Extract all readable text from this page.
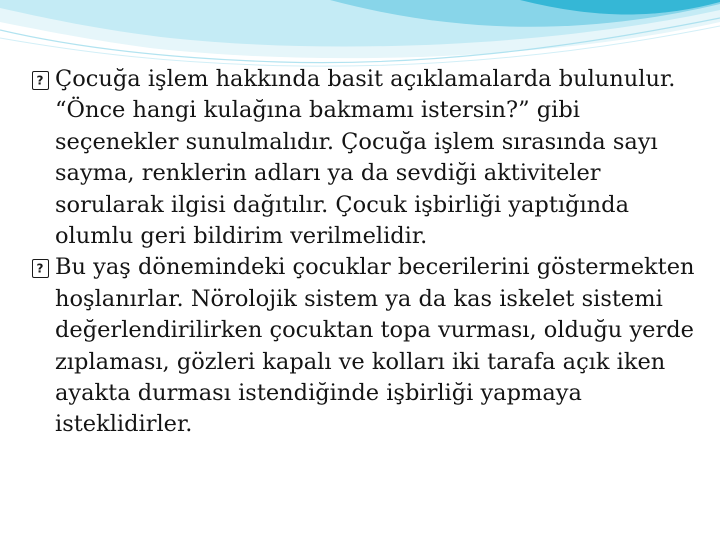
? Çocuğa işlem hakkında basit açıklamalarda bulunulur. “Önce hangi kulağına bakmamı istersin?” gibi seçenekler sunulmalıdır. Çocuğa işlem sırasında sayı sayma, renklerin adları ya da sevdiği aktiviteler sorularak ilgisi dağıtılır. Çocuk işbirliği yaptığında olumlu geri bildirim verilmelidir.

? Bu yaş dönemindeki çocuklar becerilerini göstermekten hoşlanırlar. Nörolojik sistem ya da kas iskelet sistemi değerlendirilirken çocuktan topa vurması, olduğu yerde zıplaması, gözleri kapalı ve kolları iki tarafa açık iken ayakta durması istendiğinde işbirliği yapmaya isteklidirler.
